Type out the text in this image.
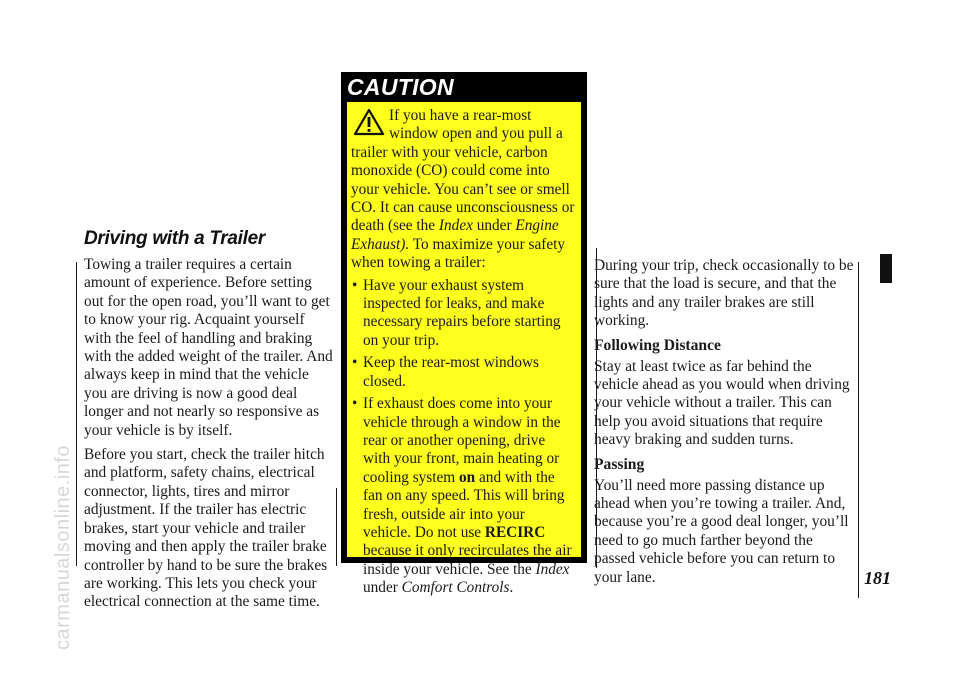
carmanualsonline.info
Driving with a Trailer

Towing a trailer requires a certain amount of experience. Before setting out for the open road, you’ll want to get to know your rig. Acquaint yourself with the feel of handling and braking with the added weight of the trailer. And always keep in mind that the vehicle you are driving is now a good deal longer and not nearly so responsive as your vehicle is by itself.

Before you start, check the trailer hitch and platform, safety chains, electrical connector, lights, tires and mirror adjustment. If the trailer has electric brakes, start your vehicle and trailer moving and then apply the trailer brake controller by hand to be sure the brakes are working. This lets you check your electrical connection at the same time.

CAUTION

If you have a rear-most window open and you pull a trailer with your vehicle, carbon monoxide (CO) could come into your vehicle. You can’t see or smell CO. It can cause unconsciousness or death (see the Index under Engine Exhaust). To maximize your safety when towing a trailer:

• Have your exhaust system inspected for leaks, and make necessary repairs before starting on your trip.
• Keep the rear-most windows closed.
• If exhaust does come into your vehicle through a window in the rear or another opening, drive with your front, main heating or cooling system on and with the fan on any speed. This will bring fresh, outside air into your vehicle. Do not use RECIRC because it only recirculates the air inside your vehicle. See the Index under Comfort Controls.

During your trip, check occasionally to be sure that the load is secure, and that the lights and any trailer brakes are still working.

Following Distance

Stay at least twice as far behind the vehicle ahead as you would when driving your vehicle without a trailer. This can help you avoid situations that require heavy braking and sudden turns.

Passing

You’ll need more passing distance up ahead when you’re towing a trailer. And, because you’re a good deal longer, you’ll need to go much farther beyond the passed vehicle before you can return to your lane.	181
